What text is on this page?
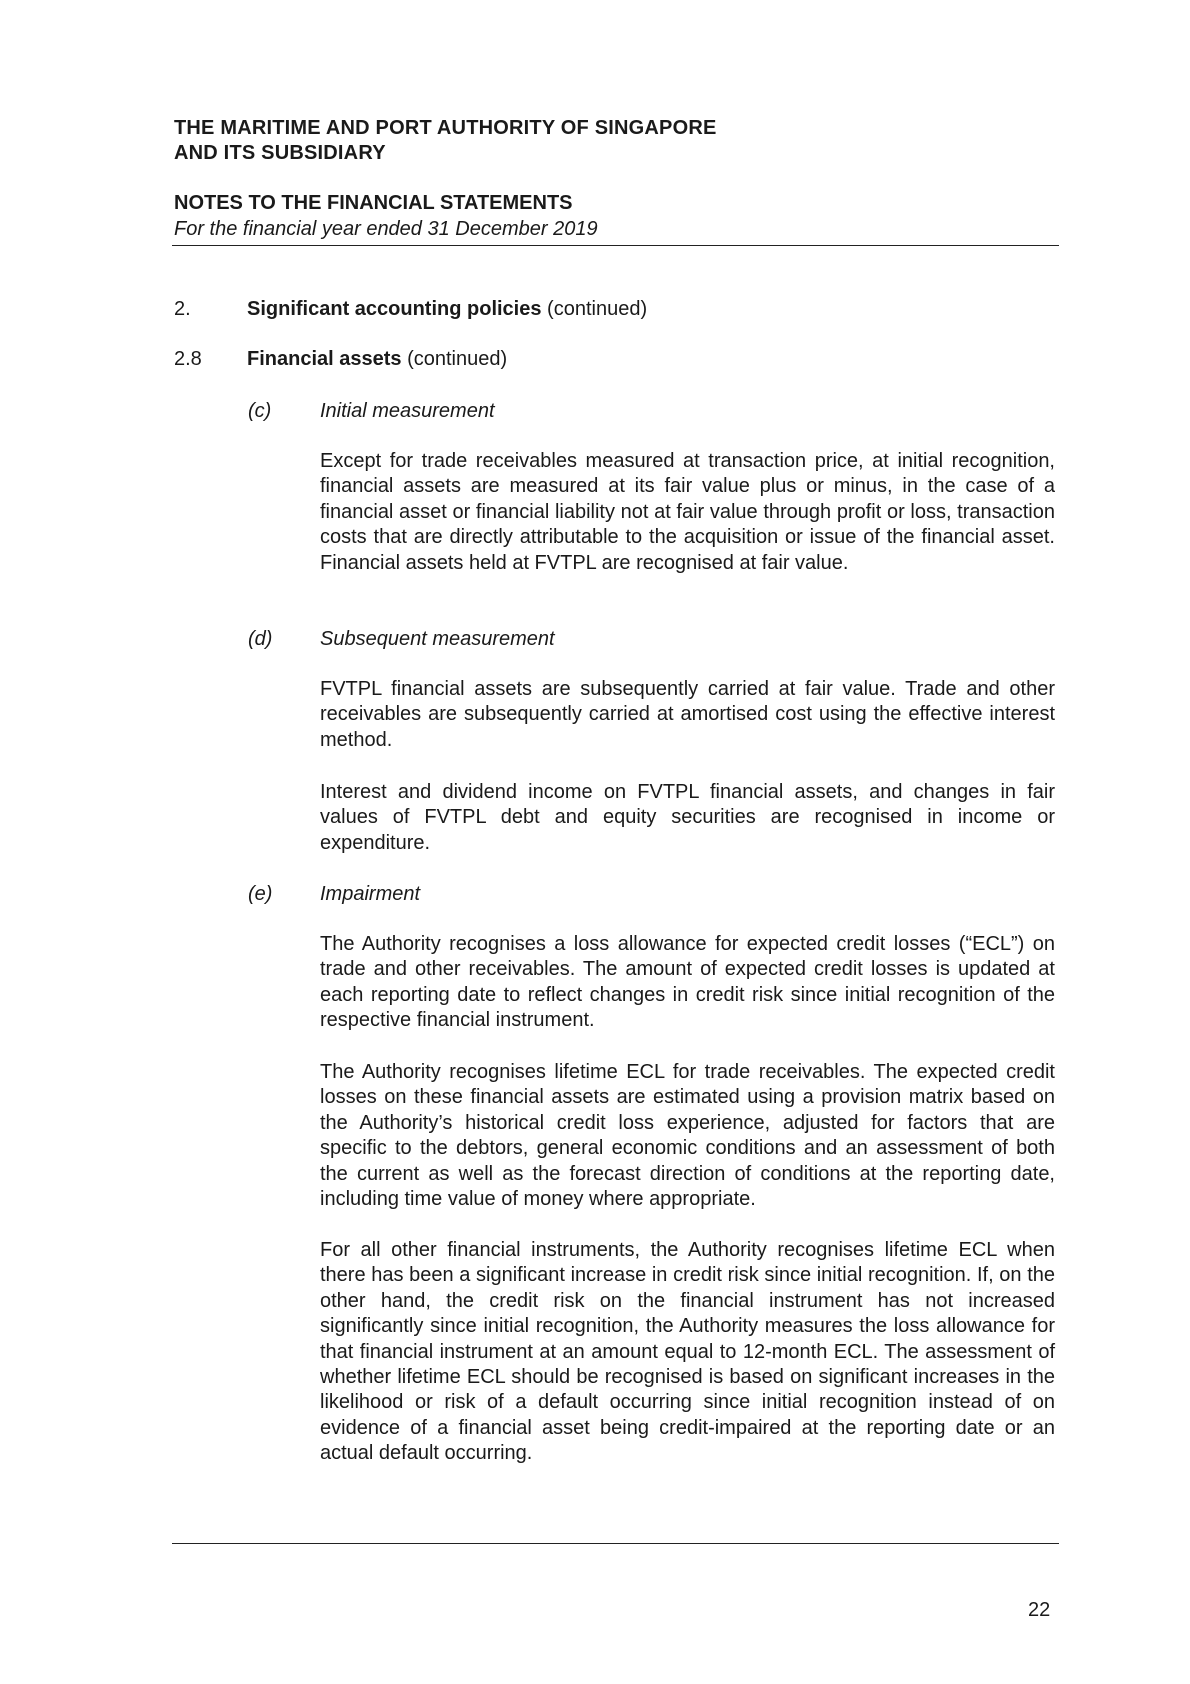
THE MARITIME AND PORT AUTHORITY OF SINGAPORE
AND ITS SUBSIDIARY
NOTES TO THE FINANCIAL STATEMENTS
For the financial year ended 31 December 2019
2.	Significant accounting policies (continued)
2.8 Financial assets (continued)
(c) Initial measurement
Except for trade receivables measured at transaction price, at initial recognition, financial assets are measured at its fair value plus or minus, in the case of a financial asset or financial liability not at fair value through profit or loss, transaction costs that are directly attributable to the acquisition or issue of the financial asset. Financial assets held at FVTPL are recognised at fair value.
(d) Subsequent measurement
FVTPL financial assets are subsequently carried at fair value. Trade and other receivables are subsequently carried at amortised cost using the effective interest method.
Interest and dividend income on FVTPL financial assets, and changes in fair values of FVTPL debt and equity securities are recognised in income or expenditure.
(e) Impairment
The Authority recognises a loss allowance for expected credit losses (“ECL”) on trade and other receivables. The amount of expected credit losses is updated at each reporting date to reflect changes in credit risk since initial recognition of the respective financial instrument.
The Authority recognises lifetime ECL for trade receivables. The expected credit losses on these financial assets are estimated using a provision matrix based on the Authority’s historical credit loss experience, adjusted for factors that are specific to the debtors, general economic conditions and an assessment of both the current as well as the forecast direction of conditions at the reporting date, including time value of money where appropriate.
For all other financial instruments, the Authority recognises lifetime ECL when there has been a significant increase in credit risk since initial recognition. If, on the other hand, the credit risk on the financial instrument has not increased significantly since initial recognition, the Authority measures the loss allowance for that financial instrument at an amount equal to 12-month ECL. The assessment of whether lifetime ECL should be recognised is based on significant increases in the likelihood or risk of a default occurring since initial recognition instead of on evidence of a financial asset being credit-impaired at the reporting date or an actual default occurring.
22
